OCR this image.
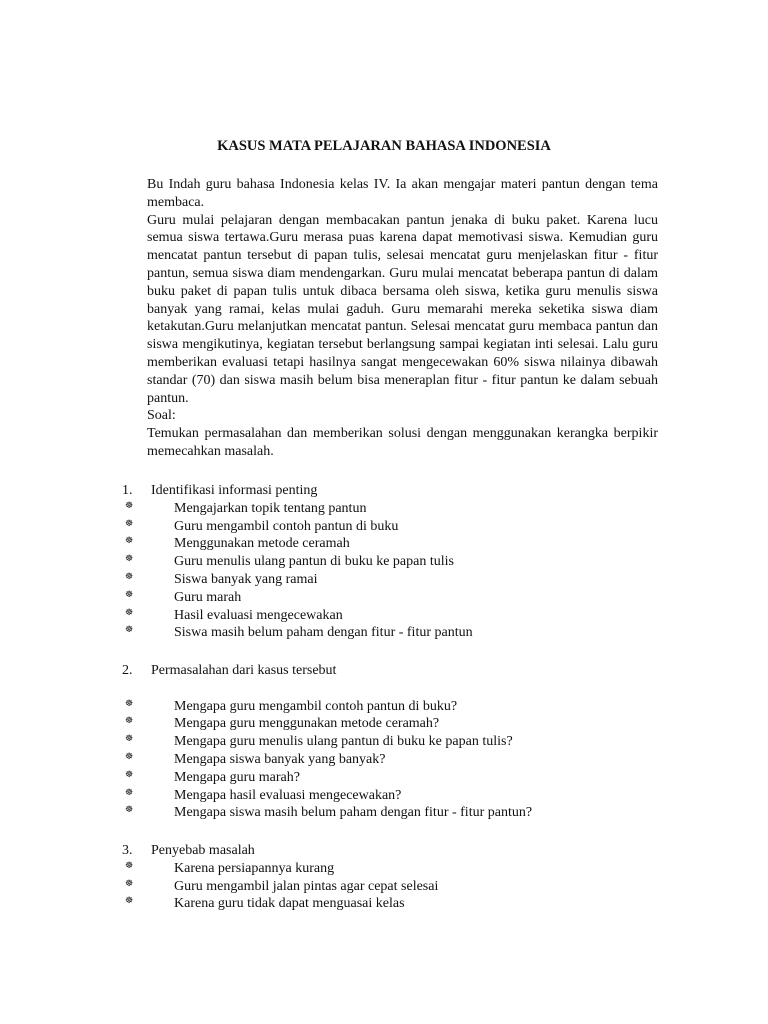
KASUS MATA PELAJARAN BAHASA INDONESIA

Bu Indah guru bahasa Indonesia kelas IV. Ia akan mengajar materi pantun dengan tema membaca.

Guru mulai pelajaran dengan membacakan pantun jenaka di buku paket. Karena lucu semua siswa tertawa.Guru merasa puas karena dapat memotivasi siswa. Kemudian guru mencatat pantun tersebut di papan tulis, selesai mencatat guru menjelaskan fitur - fitur pantun, semua siswa diam mendengarkan. Guru mulai mencatat beberapa pantun di dalam buku paket di papan tulis untuk dibaca bersama oleh siswa, ketika guru menulis siswa banyak yang ramai, kelas mulai gaduh. Guru memarahi mereka seketika siswa diam ketakutan.Guru melanjutkan mencatat pantun. Selesai mencatat guru membaca pantun dan siswa mengikutinya, kegiatan tersebut berlangsung sampai kegiatan inti selesai. Lalu guru memberikan evaluasi tetapi hasilnya sangat mengecewakan 60% siswa nilainya dibawah standar (70) dan siswa masih belum bisa meneraplan fitur - fitur pantun ke dalam sebuah pantun.

Soal:

Temukan permasalahan dan memberikan solusi dengan menggunakan kerangka berpikir memecahkan masalah.

1. Identifikasi informasi penting
☸	Mengajarkan topik tentang pantun
☸	Guru mengambil contoh pantun di buku
☸	Menggunakan metode ceramah
☸	Guru menulis ulang pantun di buku ke papan tulis
☸	Siswa banyak yang ramai
☸	Guru marah
☸	Hasil evaluasi mengecewakan
☸	Siswa masih belum paham dengan fitur - fitur pantun
2. Permasalahan dari kasus tersebut
☸	Mengapa guru mengambil contoh pantun di buku?
☸	Mengapa guru menggunakan metode ceramah?
☸	Mengapa guru menulis ulang pantun di buku ke papan tulis?
☸	Mengapa siswa banyak yang banyak?
☸	Mengapa guru marah?
☸	Mengapa hasil evaluasi mengecewakan?
☸	Mengapa siswa masih belum paham dengan fitur - fitur pantun?
3. Penyebab masalah
☸	Karena persiapannya kurang
☸	Guru mengambil jalan pintas agar cepat selesai
☸	Karena guru tidak dapat menguasai kelas
